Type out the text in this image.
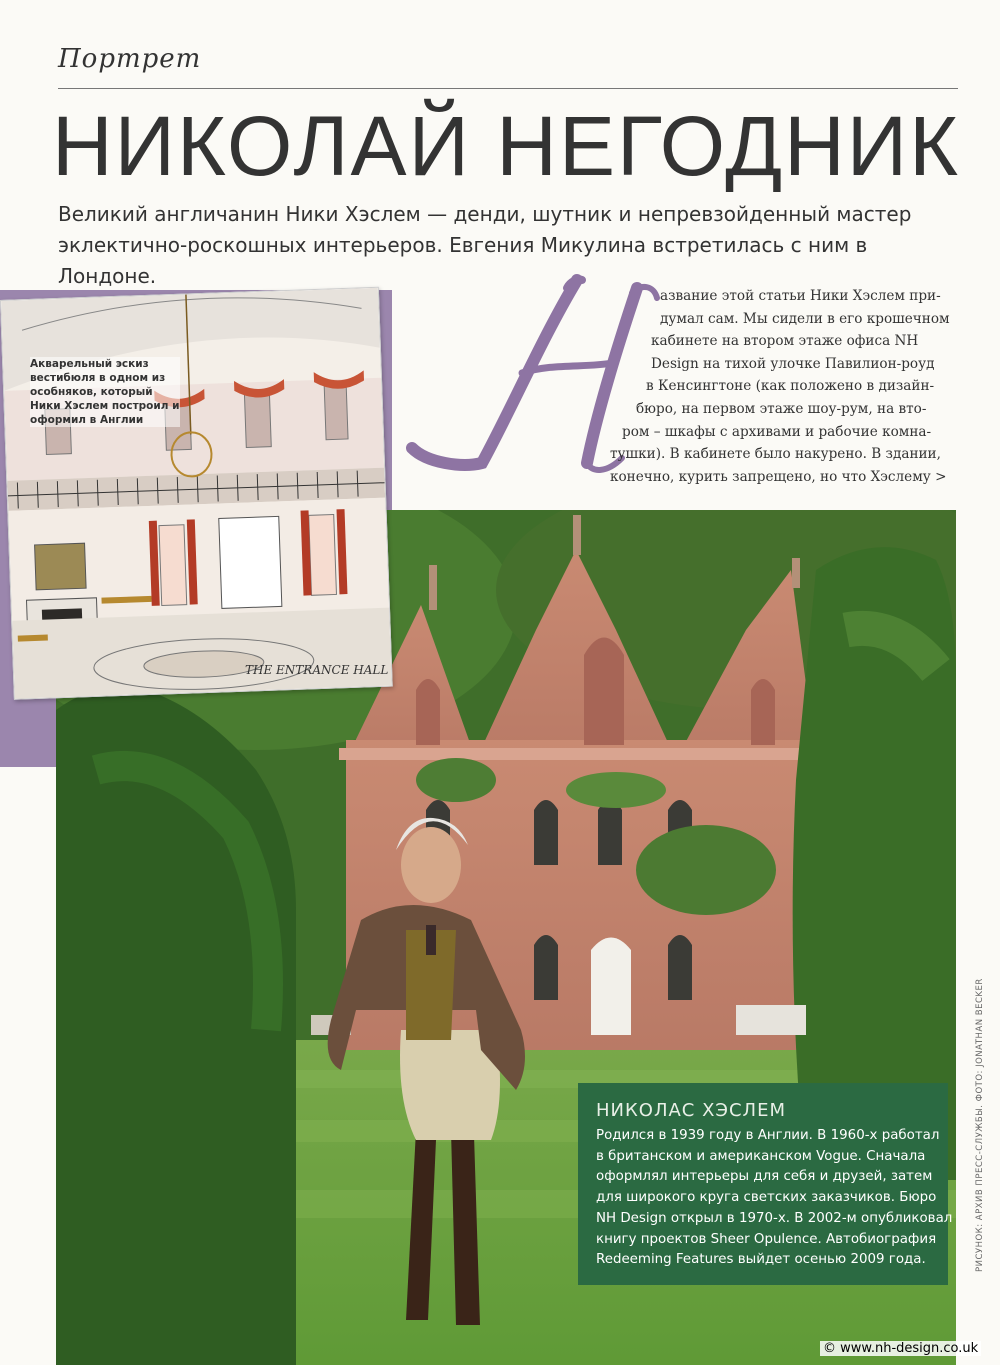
Портрет
НИКОЛАЙ НЕГОДНИК
Великий англичанин Ники Хэслем — денди, шутник и непревзойденный мастер эклектично-роскошных интерьеров. Евгения Микулина встретилась с ним в Лондоне.
Акварельный эскиз вестибюля в одном из особняков, который Ники Хэслем построил и оформил в Англии
THE ENTRANCE HALL
азвание этой статьи Ники Хэслем при-
думал сам. Мы сидели в его крошечном
кабинете на втором этаже офиса NH
Design на тихой улочке Павилион-роуд
в Кенсингтоне (как положено в дизайн-
бюро, на первом этаже шоу-рум, на вто-
ром – шкафы с архивами и рабочие комна-
тушки). В кабинете было накурено. В здании,
конечно, курить запрещено, но что Хэслему >
НИКОЛАС ХЭСЛЕМ
Родился в 1939 году в Англии. В 1960-х работал
в британском и американском Vogue. Сначала
оформлял интерьеры для себя и друзей, затем
для широкого круга светских заказчиков. Бюро
NH Design открыл в 1970-х. В 2002-м опубликовал
книгу проектов Sheer Opulence. Автобиография
Redeeming Features выйдет осенью 2009 года.	РИСУНОК: АРХИВ ПРЕСС-СЛУЖБЫ. ФОТО: JONATHAN BECKER
© www.nh-design.co.uk
